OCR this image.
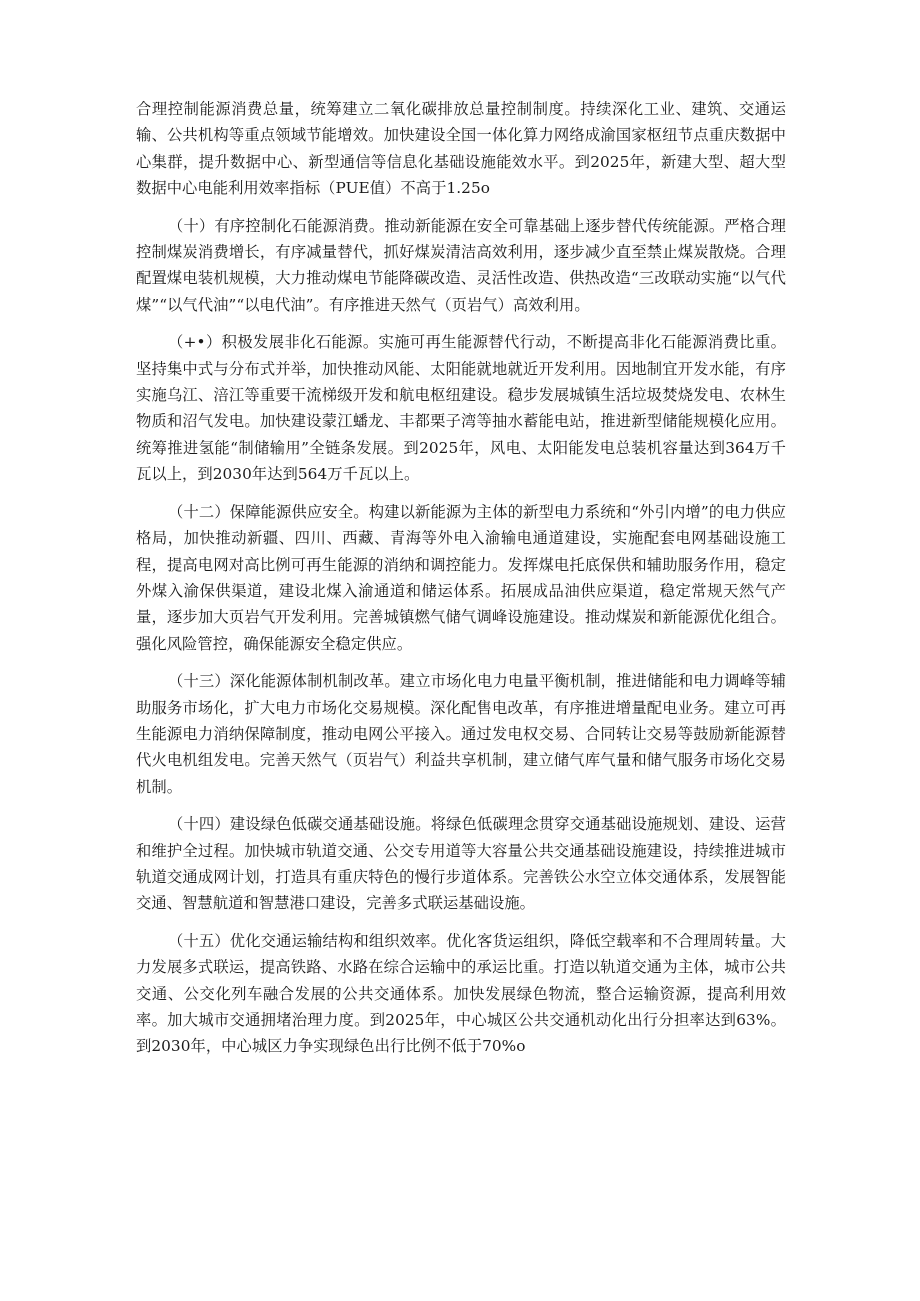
合理控制能源消费总量，统筹建立二氧化碳排放总量控制制度。持续深化工业、建筑、交通运输、公共机构等重点领域节能增效。加快建设全国一体化算力网络成渝国家枢纽节点重庆数据中心集群，提升数据中心、新型通信等信息化基础设施能效水平。到2025年，新建大型、超大型数据中心电能利用效率指标（PUE值）不高于1.25o

（十）有序控制化石能源消费。推动新能源在安全可靠基础上逐步替代传统能源。严格合理控制煤炭消费增长，有序减量替代，抓好煤炭清洁高效利用，逐步减少直至禁止煤炭散烧。合理配置煤电装机规模，大力推动煤电节能降碳改造、灵活性改造、供热改造“三改联动实施“以气代煤”“以气代油”“以电代油”。有序推进天然气（页岩气）高效利用。

（+•）积极发展非化石能源。实施可再生能源替代行动，不断提高非化石能源消费比重。坚持集中式与分布式并举，加快推动风能、太阳能就地就近开发利用。因地制宜开发水能，有序实施乌江、涪江等重要干流梯级开发和航电枢纽建设。稳步发展城镇生活垃圾焚烧发电、农林生物质和沼气发电。加快建设蒙江蟠龙、丰都栗子湾等抽水蓄能电站，推进新型储能规模化应用。统筹推进氢能“制储输用”全链条发展。到2025年，风电、太阳能发电总装机容量达到364万千瓦以上，到2030年达到564万千瓦以上。

（十二）保障能源供应安全。构建以新能源为主体的新型电力系统和“外引内增”的电力供应格局，加快推动新疆、四川、西藏、青海等外电入渝输电通道建设，实施配套电网基础设施工程，提高电网对高比例可再生能源的消纳和调控能力。发挥煤电托底保供和辅助服务作用，稳定外煤入渝保供渠道，建设北煤入渝通道和储运体系。拓展成品油供应渠道，稳定常规天然气产量，逐步加大页岩气开发利用。完善城镇燃气储气调峰设施建设。推动煤炭和新能源优化组合。强化风险管控，确保能源安全稳定供应。

（十三）深化能源体制机制改革。建立市场化电力电量平衡机制，推进储能和电力调峰等辅助服务市场化，扩大电力市场化交易规模。深化配售电改革，有序推进增量配电业务。建立可再生能源电力消纳保障制度，推动电网公平接入。通过发电权交易、合同转让交易等鼓励新能源替代火电机组发电。完善天然气（页岩气）利益共享机制，建立储气库气量和储气服务市场化交易机制。

（十四）建设绿色低碳交通基础设施。将绿色低碳理念贯穿交通基础设施规划、建设、运营和维护全过程。加快城市轨道交通、公交专用道等大容量公共交通基础设施建设，持续推进城市轨道交通成网计划，打造具有重庆特色的慢行步道体系。完善铁公水空立体交通体系，发展智能交通、智慧航道和智慧港口建设，完善多式联运基础设施。

（十五）优化交通运输结构和组织效率。优化客货运组织，降低空载率和不合理周转量。大力发展多式联运，提高铁路、水路在综合运输中的承运比重。打造以轨道交通为主体，城市公共交通、公交化列车融合发展的公共交通体系。加快发展绿色物流，整合运输资源，提高利用效率。加大城市交通拥堵治理力度。到2025年，中心城区公共交通机动化出行分担率达到63%。到2030年，中心城区力争实现绿色出行比例不低于70%o
